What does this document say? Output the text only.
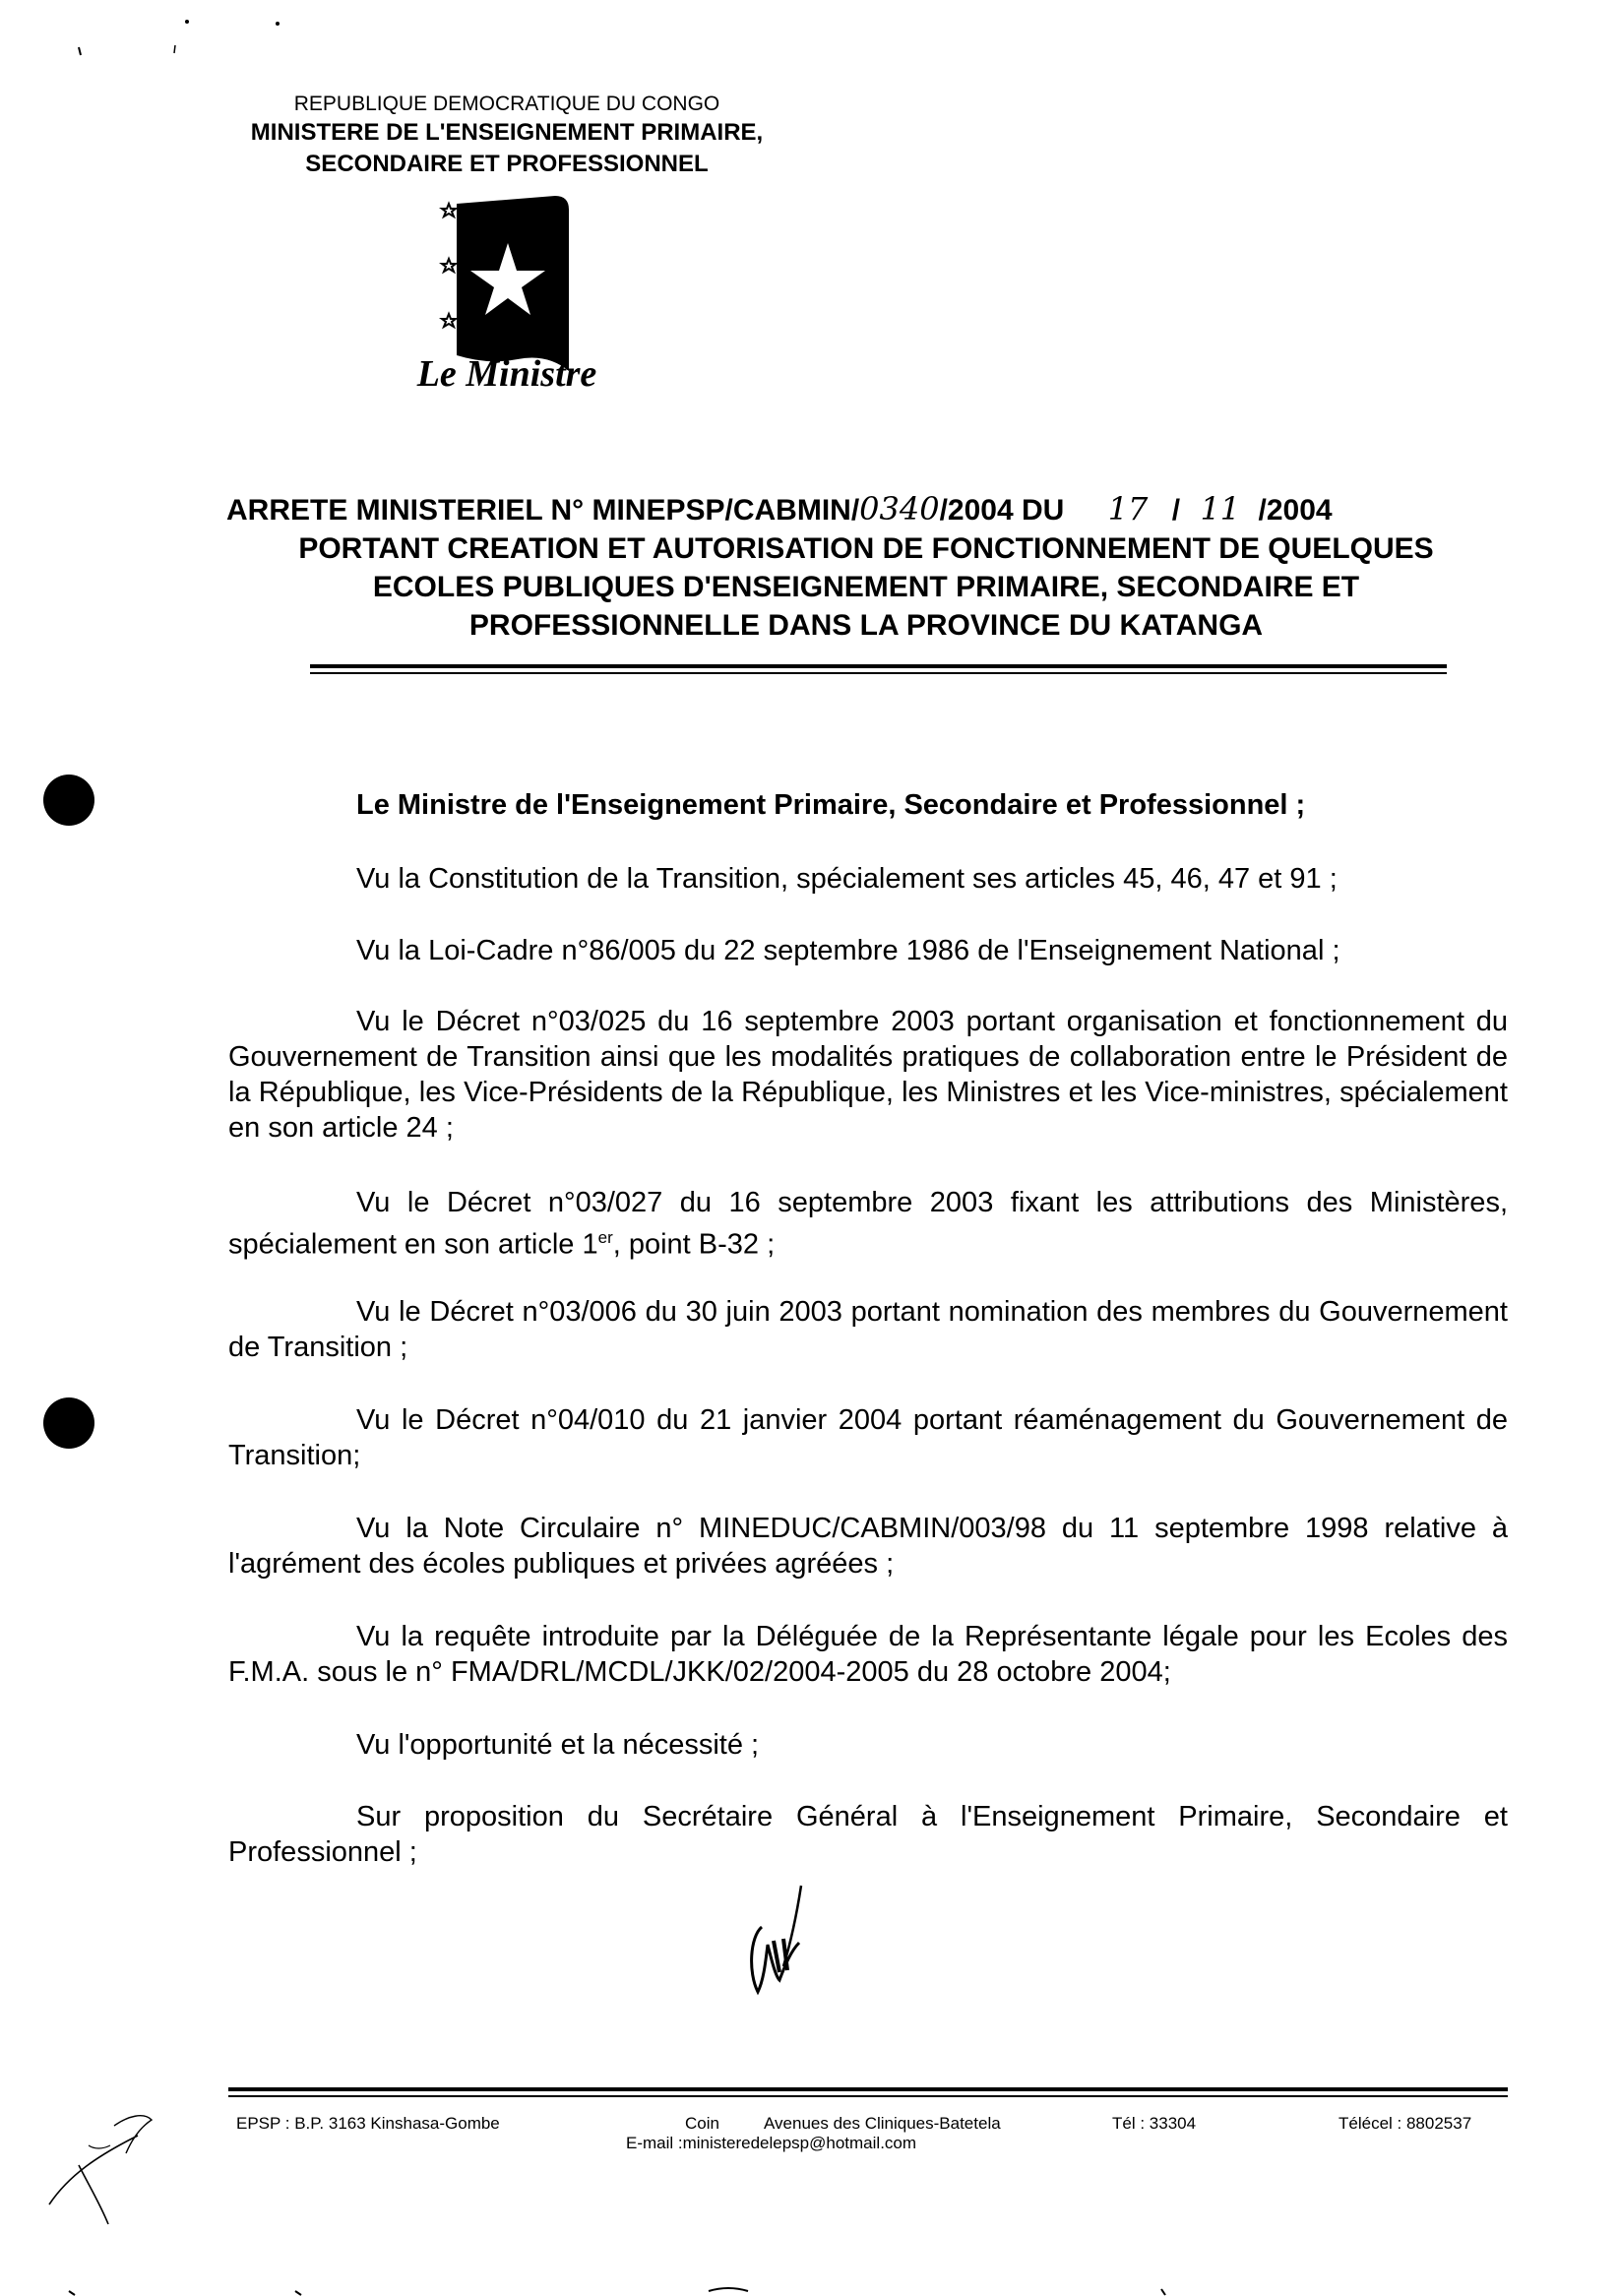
REPUBLIQUE DEMOCRATIQUE DU CONGO
MINISTERE DE L'ENSEIGNEMENT PRIMAIRE,
SECONDAIRE ET PROFESSIONNEL
Le Ministre
ARRETE MINISTERIEL N° MINEPSP/CABMIN/0340/2004 DU 17 / 11 /2004
PORTANT CREATION ET AUTORISATION DE FONCTIONNEMENT DE QUELQUES
ECOLES PUBLIQUES D'ENSEIGNEMENT PRIMAIRE, SECONDAIRE ET
PROFESSIONNELLE DANS LA PROVINCE DU KATANGA
Le Ministre de l'Enseignement Primaire, Secondaire et Professionnel ;
Vu la Constitution de la Transition, spécialement ses articles 45, 46, 47 et 91 ;
Vu la Loi-Cadre n°86/005 du 22 septembre 1986 de l'Enseignement National ;
Vu le Décret n°03/025 du 16 septembre 2003 portant organisation et fonctionnement du Gouvernement de Transition ainsi que les modalités pratiques de collaboration entre le Président de la République, les Vice-Présidents de la République, les Ministres et les Vice-ministres, spécialement en son article 24 ;
Vu le Décret n°03/027 du 16 septembre 2003 fixant les attributions des Ministères, spécialement en son article 1er, point B-32 ;
Vu le Décret n°03/006 du 30 juin 2003 portant nomination des membres du Gouvernement de Transition ;
Vu le Décret n°04/010 du 21 janvier 2004 portant réaménagement du Gouvernement de Transition;
Vu la Note Circulaire n° MINEDUC/CABMIN/003/98 du 11 septembre 1998 relative à l'agrément des écoles publiques et privées agréées ;
Vu la requête introduite par la Déléguée de la Représentante légale pour les Ecoles des F.M.A. sous le n° FMA/DRL/MCDL/JKK/02/2004-2005 du 28 octobre 2004;
Vu l'opportunité et la nécessité ;
Sur proposition du Secrétaire Général à l'Enseignement Primaire, Secondaire et Professionnel ;
EPSP : B.P. 3163 Kinshasa-Gombe	Coin	Avenues des Cliniques-Batetela
E-mail :ministeredelepsp@hotmail.com
Tél : 33304	Télécel : 8802537
